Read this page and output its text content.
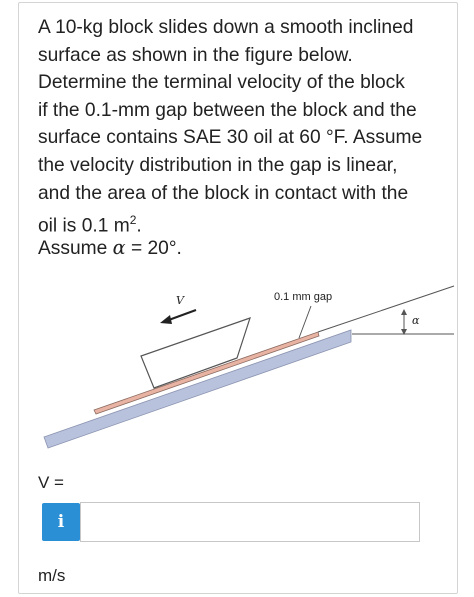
A 10-kg block slides down a smooth inclined

surface as shown in the figure below.

Determine the terminal velocity of the block

if the 0.1-mm gap between the block and the

surface contains SAE 30 oil at 60 °F. Assume

the velocity distribution in the gap is linear,

and the area of the block in contact with the

oil is 0.1 $m^2$.

Assume α = 20°.
V	0.1 mm gap
α
V =
i
m/s
